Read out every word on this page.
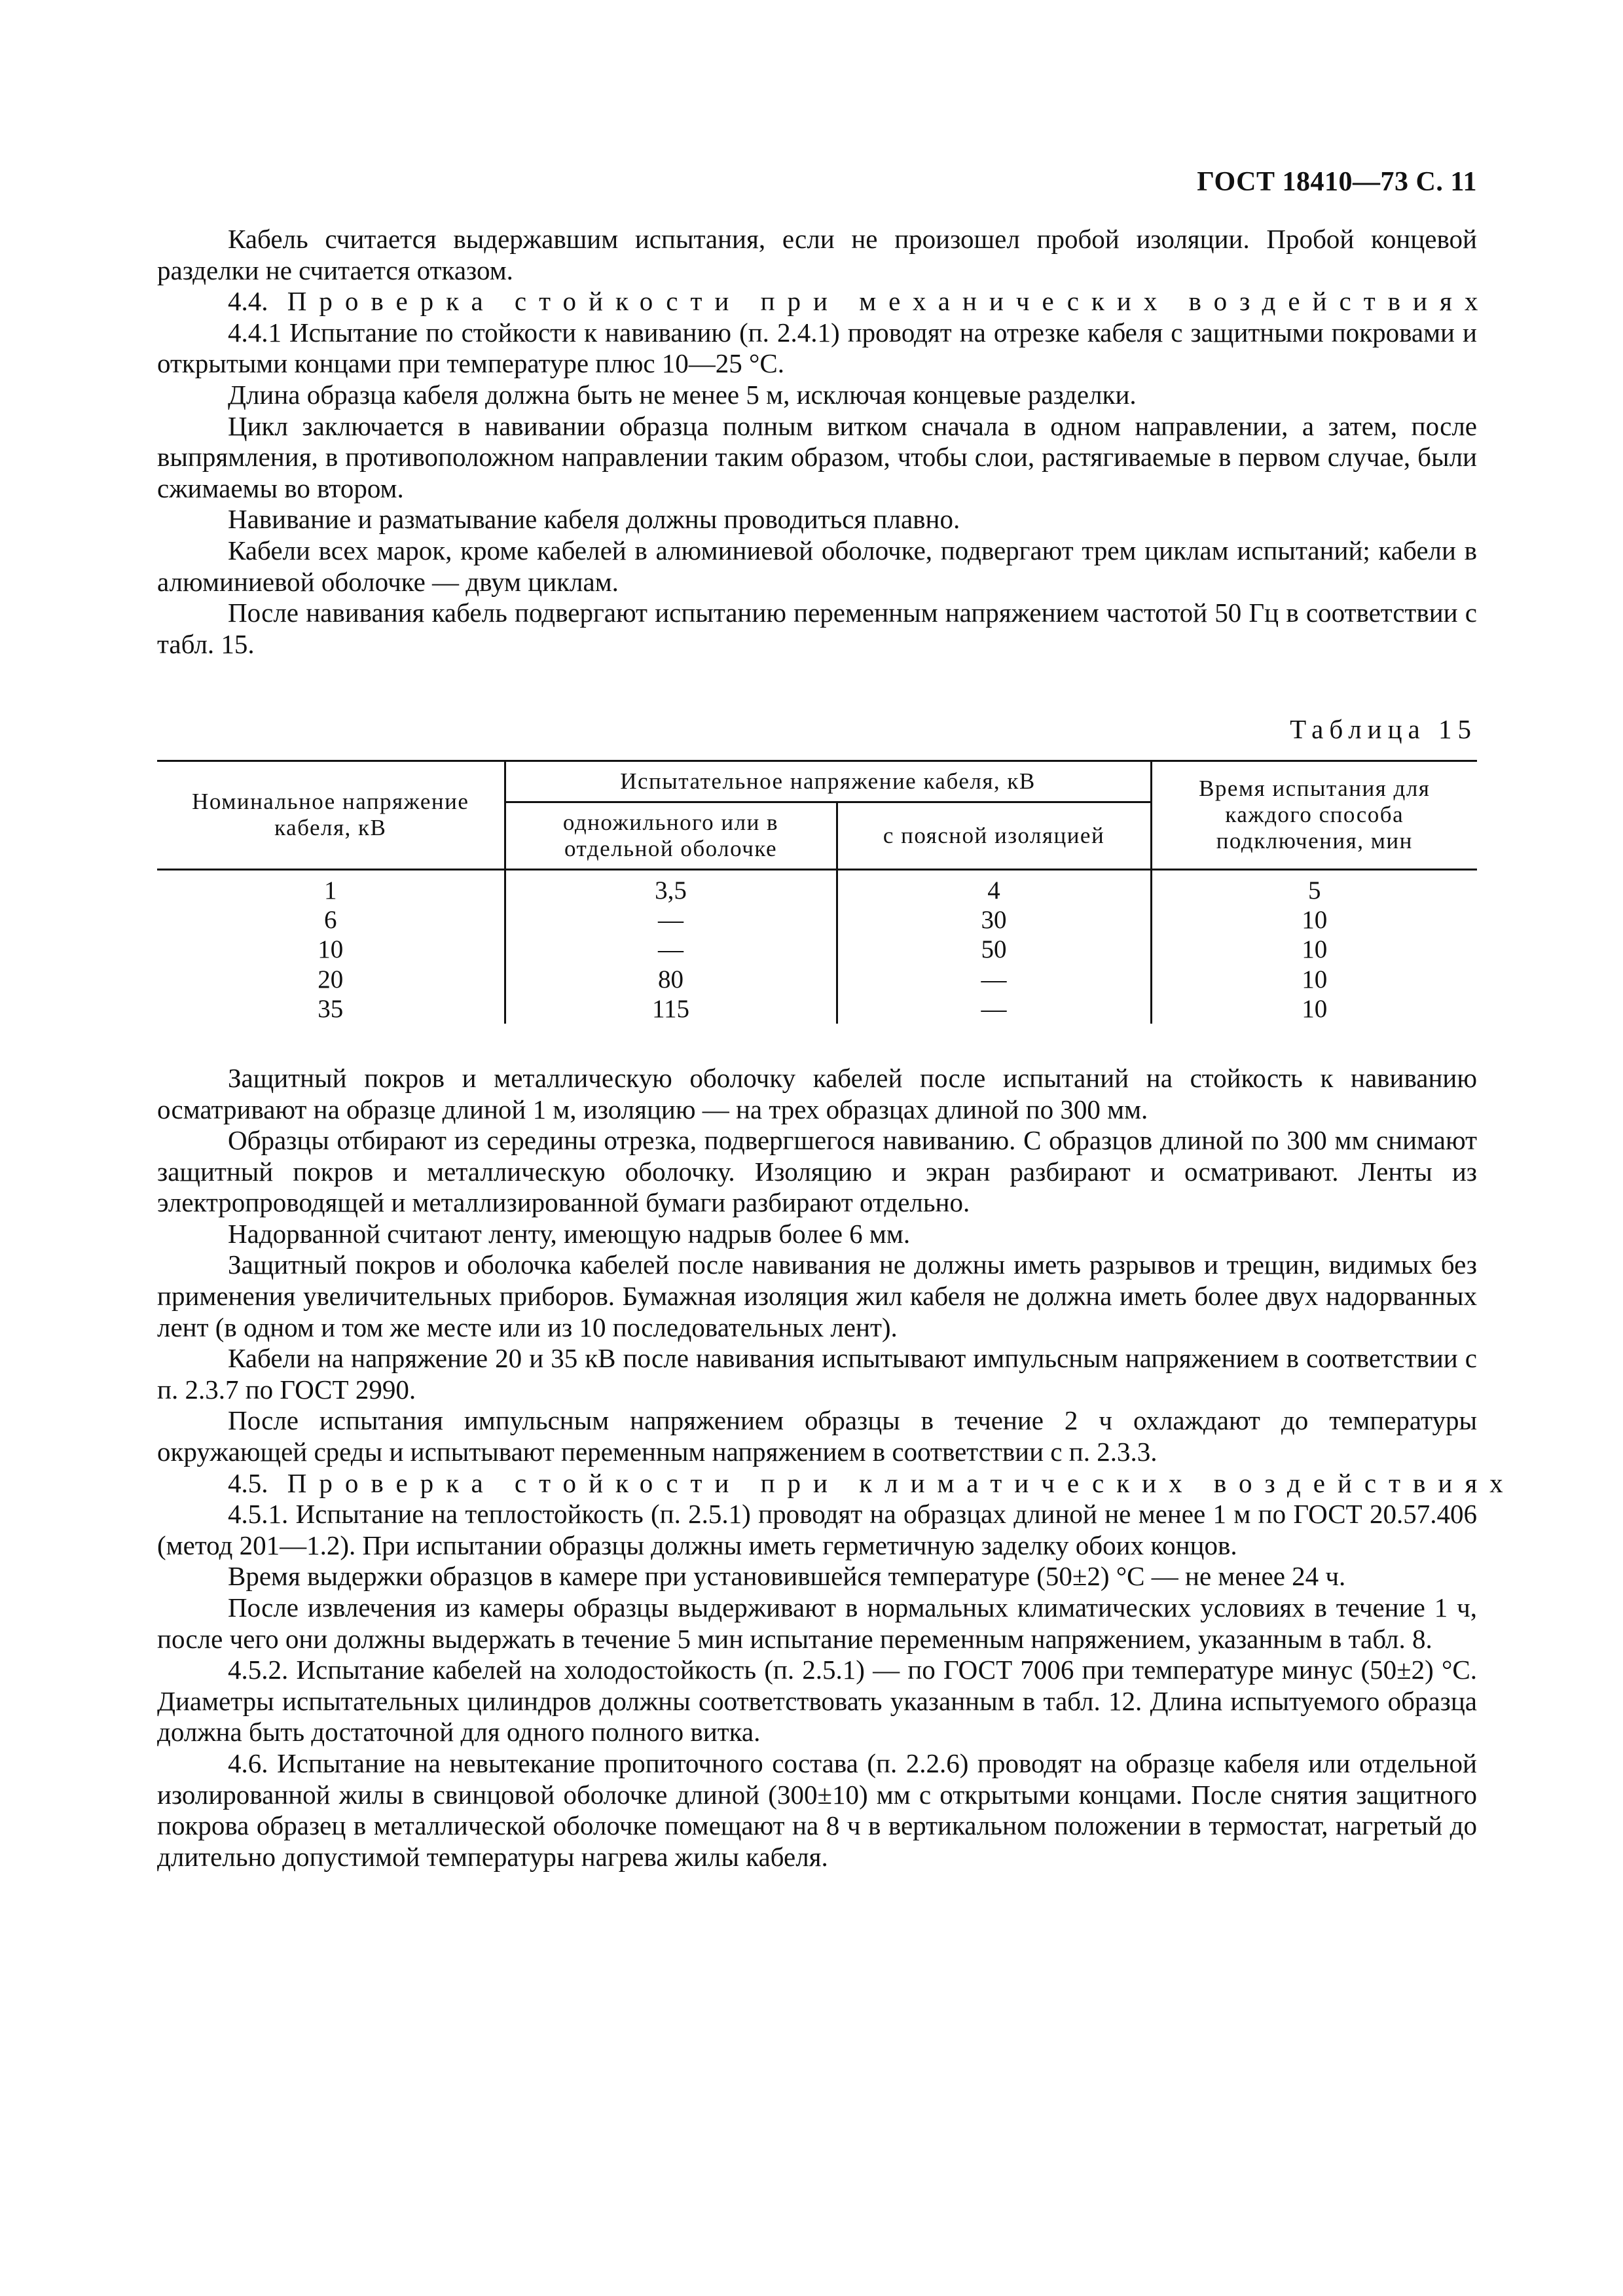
ГОСТ 18410—73 С. 11

Кабель считается выдержавшим испытания, если не произошел пробой изоляции. Пробой концевой разделки не считается отказом.

4.4. Проверка стойкости при механических воздействиях

4.4.1 Испытание по стойкости к навиванию (п. 2.4.1) проводят на отрезке кабеля с защитными покровами и открытыми концами при температуре плюс 10—25 °С.

Длина образца кабеля должна быть не менее 5 м, исключая концевые разделки.

Цикл заключается в навивании образца полным витком сначала в одном направлении, а затем, после выпрямления, в противоположном направлении таким образом, чтобы слои, растягиваемые в первом случае, были сжимаемы во втором.

Навивание и разматывание кабеля должны проводиться плавно.

Кабели всех марок, кроме кабелей в алюминиевой оболочке, подвергают трем циклам испытаний; кабели в алюминиевой оболочке — двум циклам.

После навивания кабель подвергают испытанию переменным напряжением частотой 50 Гц в соответствии с табл. 15.

Таблица 15
Номинальное напряжение кабеля, кВ	Испытательное напряжение кабеля, кВ		Время испытания для каждого способа подключения, мин
	одножильного или в отдельной оболочке	с поясной изоляцией	
1	3,5	4	5
6	—	30	10
10	—	50	10
20	80	—	10
35	115	—	10

Защитный покров и металлическую оболочку кабелей после испытаний на стойкость к навиванию осматривают на образце длиной 1 м, изоляцию — на трех образцах длиной по 300 мм.

Образцы отбирают из середины отрезка, подвергшегося навиванию. С образцов длиной по 300 мм снимают защитный покров и металлическую оболочку. Изоляцию и экран разбирают и осматривают. Ленты из электропроводящей и металлизированной бумаги разбирают отдельно.

Надорванной считают ленту, имеющую надрыв более 6 мм.

Защитный покров и оболочка кабелей после навивания не должны иметь разрывов и трещин, видимых без применения увеличительных приборов. Бумажная изоляция жил кабеля не должна иметь более двух надорванных лент (в одном и том же месте или из 10 последовательных лент).

Кабели на напряжение 20 и 35 кВ после навивания испытывают импульсным напряжением в соответствии с п. 2.3.7 по ГОСТ 2990.

После испытания импульсным напряжением образцы в течение 2 ч охлаждают до температуры окружающей среды и испытывают переменным напряжением в соответствии с п. 2.3.3.

4.5. Проверка стойкости при климатических воздействиях

4.5.1. Испытание на теплостойкость (п. 2.5.1) проводят на образцах длиной не менее 1 м по ГОСТ 20.57.406 (метод 201—1.2). При испытании образцы должны иметь герметичную заделку обоих концов.

Время выдержки образцов в камере при установившейся температуре (50±2) °С — не менее 24 ч.

После извлечения из камеры образцы выдерживают в нормальных климатических условиях в течение 1 ч, после чего они должны выдержать в течение 5 мин испытание переменным напряжением, указанным в табл. 8.

4.5.2. Испытание кабелей на холодостойкость (п. 2.5.1) — по ГОСТ 7006 при температуре минус (50±2) °С. Диаметры испытательных цилиндров должны соответствовать указанным в табл. 12. Длина испытуемого образца должна быть достаточной для одного полного витка.

4.6. Испытание на невытекание пропиточного состава (п. 2.2.6) проводят на образце кабеля или отдельной изолированной жилы в свинцовой оболочке длиной (300±10) мм с открытыми концами. После снятия защитного покрова образец в металлической оболочке помещают на 8 ч в вертикальном положении в термостат, нагретый до длительно допустимой температуры нагрева жилы кабеля.
